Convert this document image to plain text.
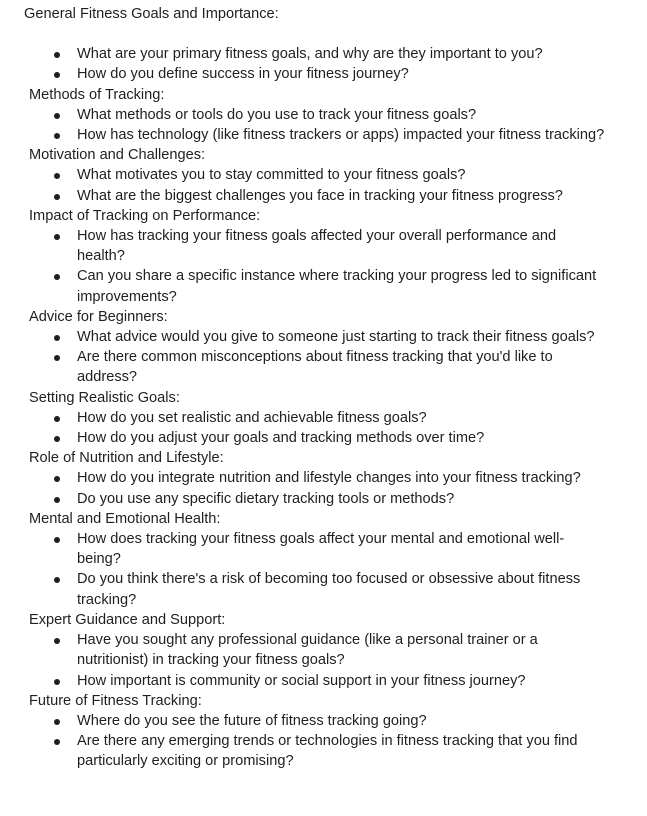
General Fitness Goals and Importance:
What are your primary fitness goals, and why are they important to you?
How do you define success in your fitness journey?
Methods of Tracking:
What methods or tools do you use to track your fitness goals?
How has technology (like fitness trackers or apps) impacted your fitness tracking?
Motivation and Challenges:
What motivates you to stay committed to your fitness goals?
What are the biggest challenges you face in tracking your fitness progress?
Impact of Tracking on Performance:
How has tracking your fitness goals affected your overall performance and health?
Can you share a specific instance where tracking your progress led to significant improvements?
Advice for Beginners:
What advice would you give to someone just starting to track their fitness goals?
Are there common misconceptions about fitness tracking that you'd like to address?
Setting Realistic Goals:
How do you set realistic and achievable fitness goals?
How do you adjust your goals and tracking methods over time?
Role of Nutrition and Lifestyle:
How do you integrate nutrition and lifestyle changes into your fitness tracking?
Do you use any specific dietary tracking tools or methods?
Mental and Emotional Health:
How does tracking your fitness goals affect your mental and emotional well-being?
Do you think there's a risk of becoming too focused or obsessive about fitness tracking?
Expert Guidance and Support:
Have you sought any professional guidance (like a personal trainer or a nutritionist) in tracking your fitness goals?
How important is community or social support in your fitness journey?
Future of Fitness Tracking:
Where do you see the future of fitness tracking going?
Are there any emerging trends or technologies in fitness tracking that you find particularly exciting or promising?
